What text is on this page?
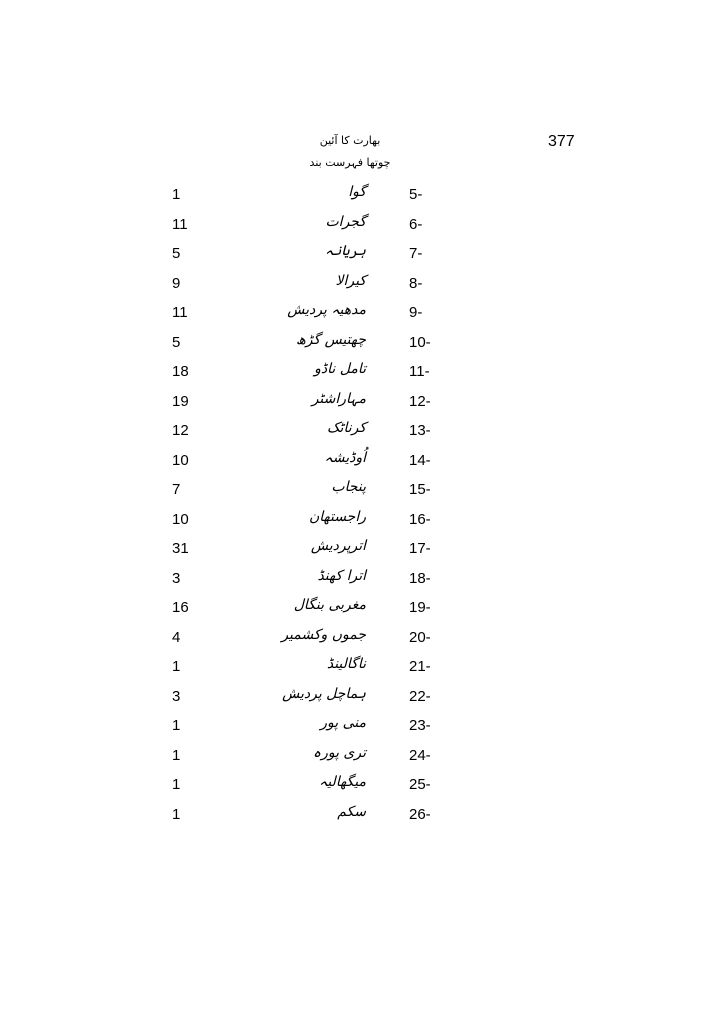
377
بھارت کا آئین
چوتھا فہرست بند
5-
گوا
1
6-
گجرات
11
7-
ہریانہ
5
8-
کیرالا
9
9-
مدھیہ پردیش
11
10-
چھتیس گڑھ
5
11-
تامل ناڈو
18
12-
مہاراشٹر
19
13-
کرناٹک
12
14-
اُوڈیشہ
10
15-
پنجاب
7
16-
راجستھان
10
17-
اترپردیش
31
18-
اترا کھنڈ
3
19-
مغربی بنگال
16
20-
جموں وکشمیر
4
21-
ناگالینڈ
1
22-
ہماچل پردیش
3
23-
منی پور
1
24-
تری پورہ
1
25-
میگھالیہ
1
26-
سکم
1
